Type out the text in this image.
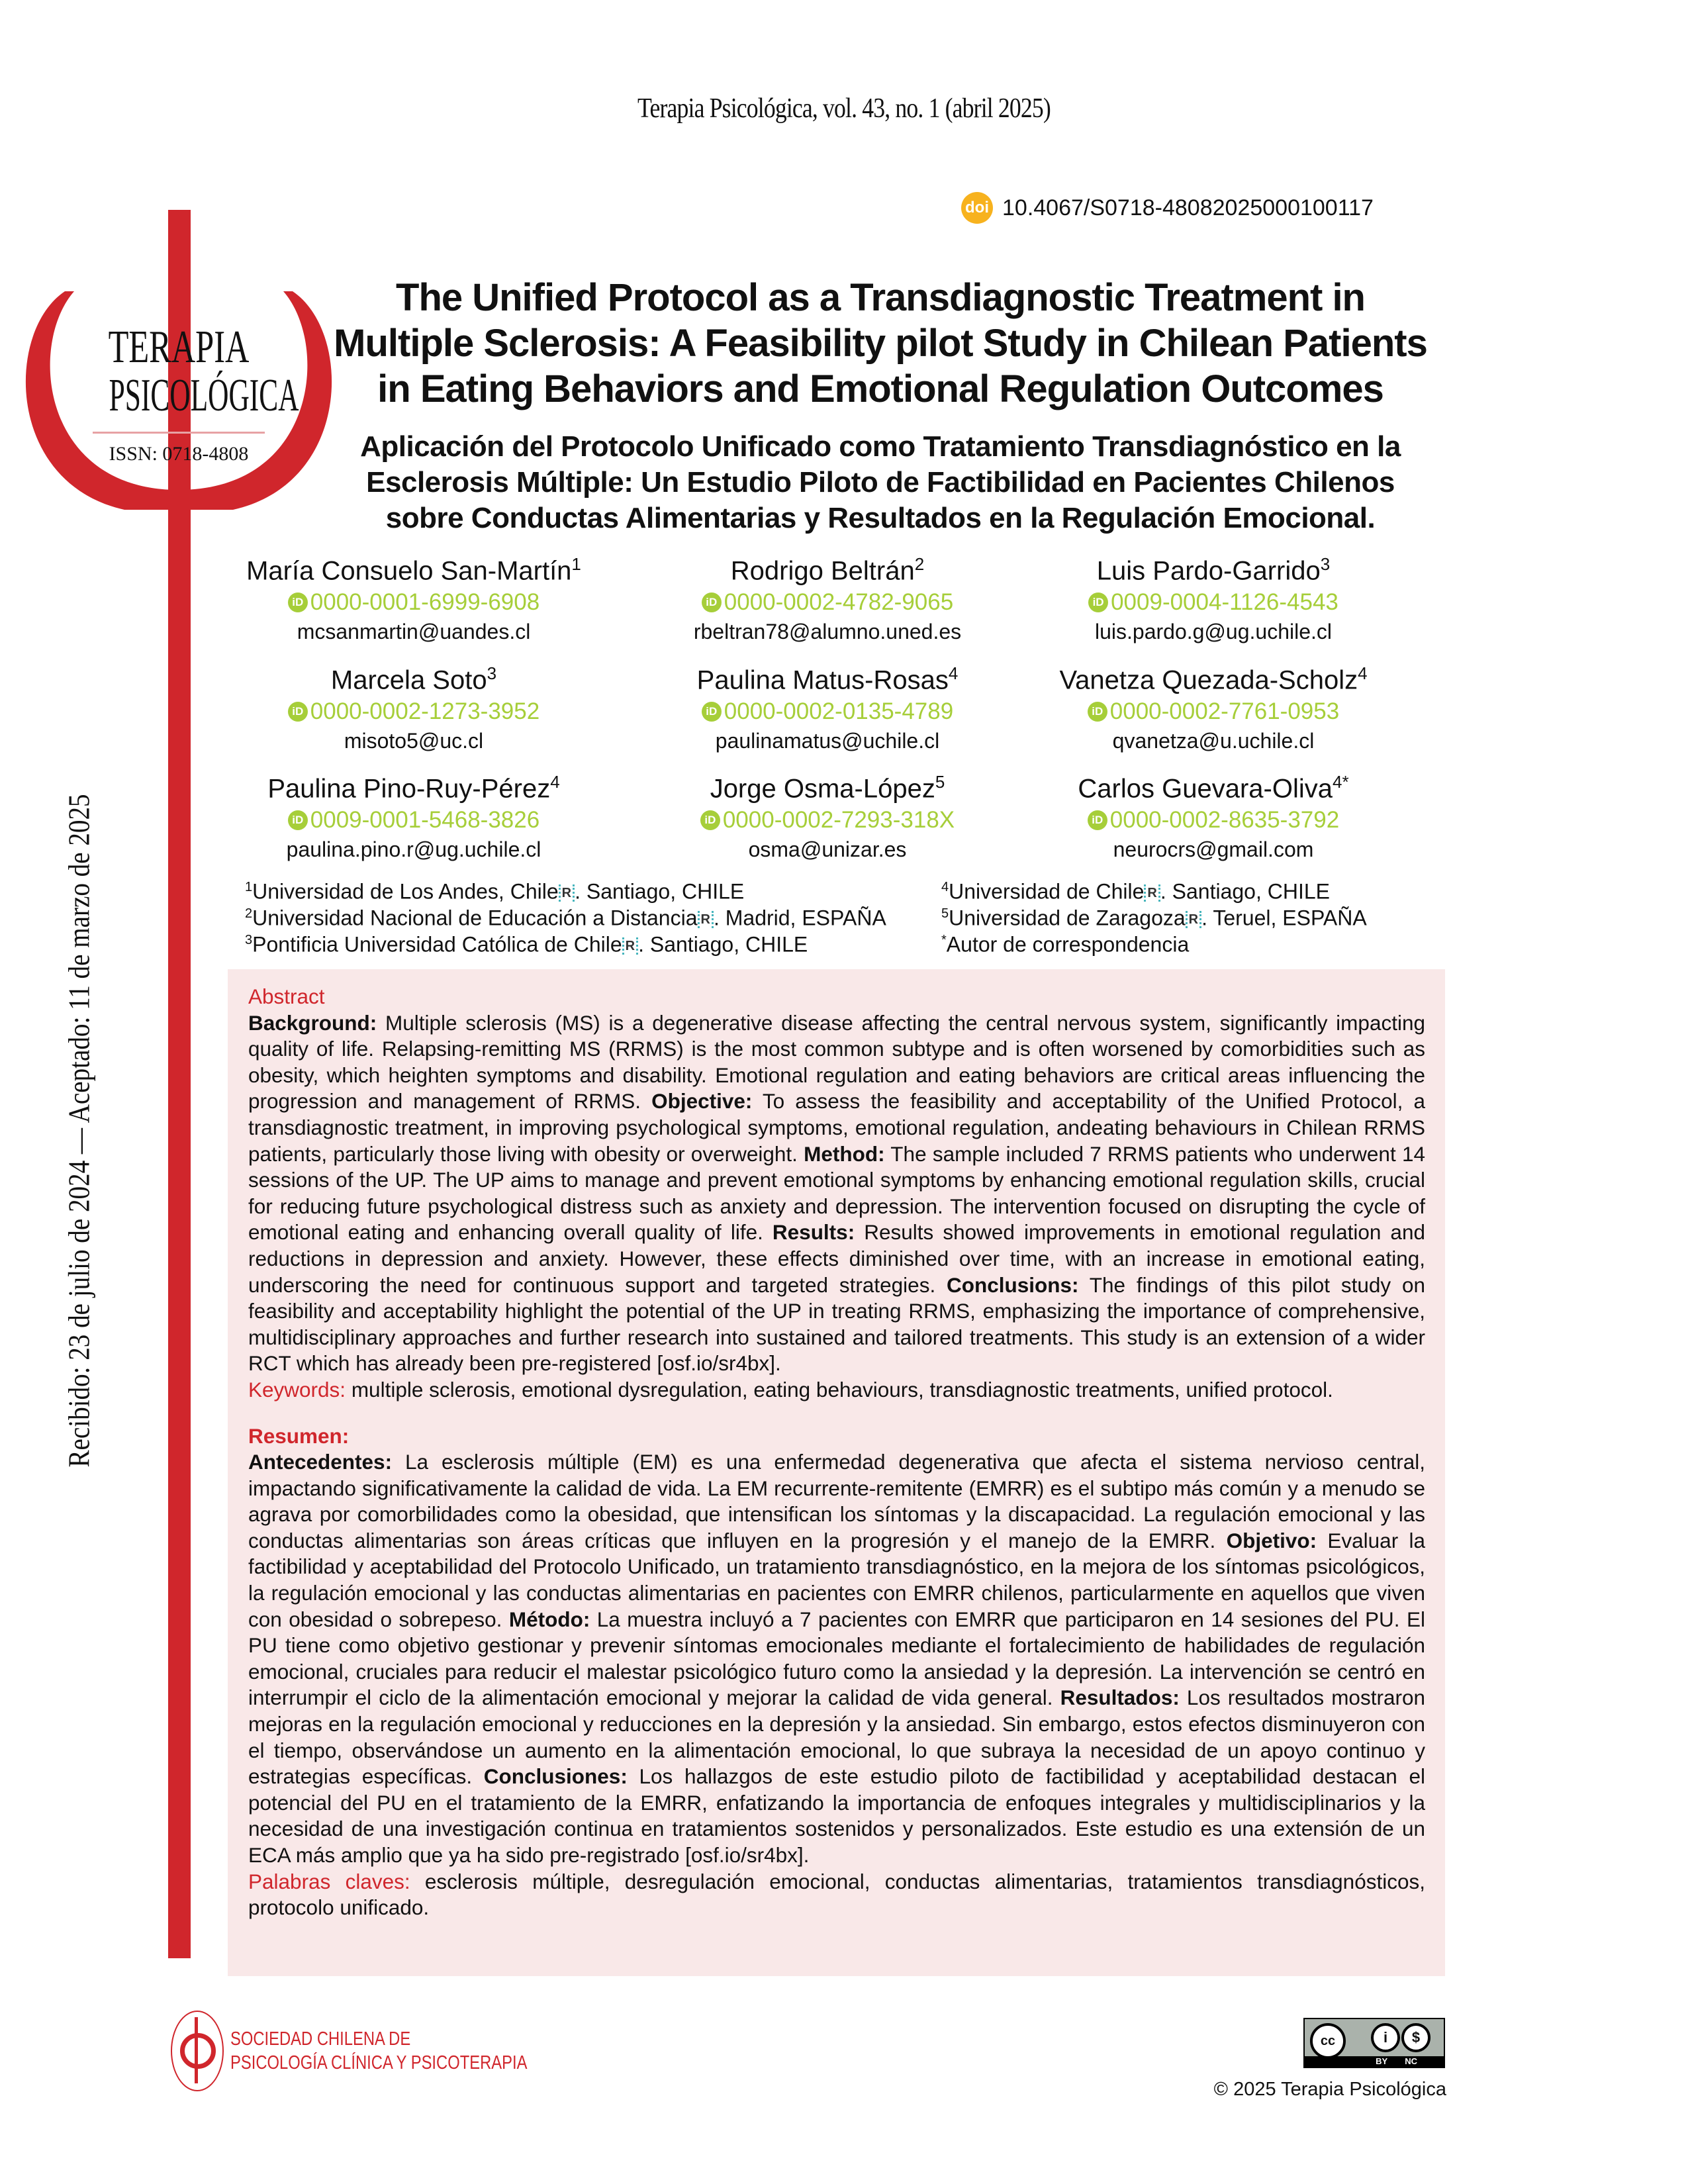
Terapia Psicológica, vol. 43, no. 1 (abril 2025)
doi 10.4067/S0718-48082025000100117
TERAPIA
PSICOLÓGICA
ISSN: 0718-4808
The Unified Protocol as a Transdiagnostic Treatment in
Multiple Sclerosis: A Feasibility pilot Study in Chilean Patients
in Eating Behaviors and Emotional Regulation Outcomes
Aplicación del Protocolo Unificado como Tratamiento Transdiagnóstico en la
Esclerosis Múltiple: Un Estudio Piloto de Factibilidad en Pacientes Chilenos
sobre Conductas Alimentarias y Resultados en la Regulación Emocional.
María Consuelo San-Martín$^1$
iD 0000-0001-6999-6908
mcsanmartin@uandes.cl
Rodrigo Beltrán$^2$
iD 0000-0002-4782-9065
rbeltran78@alumno.uned.es
Luis Pardo-Garrido$^3$
iD 0009-0004-1126-4543
luis.pardo.g@ug.uchile.cl
Marcela Soto$^3$
iD 0000-0002-1273-3952
misoto5@uc.cl
Paulina Matus-Rosas$^4$
iD 0000-0002-0135-4789
paulinamatus@uchile.cl
Vanetza Quezada-Scholz$^4$
iD 0000-0002-7761-0953
qvanetza@u.uchile.cl
Paulina Pino-Ruy-Pérez$^4$
iD 0009-0001-5468-3826
paulina.pino.r@ug.uchile.cl
Jorge Osma-López$^5$
iD 0000-0002-7293-318X
osma@unizar.es
Carlos Guevara-Oliva$^{4*}$
iD 0000-0002-8635-3792
neurocrs@gmail.com
$^1$Universidad de Los Andes, Chile R . Santiago, CHILE
$^2$Universidad Nacional de Educación a Distancia R . Madrid, ESPAÑA
$^3$Pontificia Universidad Católica de Chile R . Santiago, CHILE
$^4$Universidad de Chile R . Santiago, CHILE
$^5$Universidad de Zaragoza R . Teruel, ESPAÑA
*Autor de correspondencia
Abstract
Background: Multiple sclerosis (MS) is a degenerative disease affecting the central nervous system, significantly impacting quality of life. Relapsing-remitting MS (RRMS) is the most common subtype and is often worsened by comorbidities such as obesity, which heighten symptoms and disability. Emotional regulation and eating behaviors are critical areas influencing the progression and management of RRMS. Objective: To assess the feasibility and acceptability of the Unified Protocol, a transdiagnostic treatment, in improving psychological symptoms, emotional regulation, andeating behaviours in Chilean RRMS patients, particularly those living with obesity or overweight. Method: The sample included 7 RRMS patients who underwent 14 sessions of the UP. The UP aims to manage and prevent emotional symptoms by enhancing emotional regulation skills, crucial for reducing future psychological distress such as anxiety and depression. The intervention focused on disrupting the cycle of emotional eating and enhancing overall quality of life. Results: Results showed improvements in emotional regulation and reductions in depression and anxiety. However, these effects diminished over time, with an increase in emotional eating, underscoring the need for continuous support and targeted strategies. Conclusions: The findings of this pilot study on feasibility and acceptability highlight the potential of the UP in treating RRMS, emphasizing the importance of comprehensive, multidisciplinary approaches and further research into sustained and tailored treatments. This study is an extension of a wider RCT which has already been pre-registered [osf.io/sr4bx].
Keywords: multiple sclerosis, emotional dysregulation, eating behaviours, transdiagnostic treatments, unified protocol.
Resumen:
Antecedentes: La esclerosis múltiple (EM) es una enfermedad degenerativa que afecta el sistema nervioso central, impactando significativamente la calidad de vida. La EM recurrente-remitente (EMRR) es el subtipo más común y a menudo se agrava por comorbilidades como la obesidad, que intensifican los síntomas y la discapacidad. La regulación emocional y las conductas alimentarias son áreas críticas que influyen en la progresión y el manejo de la EMRR. Objetivo: Evaluar la factibilidad y aceptabilidad del Protocolo Unificado, un tratamiento transdiagnóstico, en la mejora de los síntomas psicológicos, la regulación emocional y las conductas alimentarias en pacientes con EMRR chilenos, particularmente en aquellos que viven con obesidad o sobrepeso. Método: La muestra incluyó a 7 pacientes con EMRR que participaron en 14 sesiones del PU. El PU tiene como objetivo gestionar y prevenir síntomas emocionales mediante el fortalecimiento de habilidades de regulación emocional, cruciales para reducir el malestar psicológico futuro como la ansiedad y la depresión. La intervención se centró en interrumpir el ciclo de la alimentación emocional y mejorar la calidad de vida general. Resultados: Los resultados mostraron mejoras en la regulación emocional y reducciones en la depresión y la ansiedad. Sin embargo, estos efectos disminuyeron con el tiempo, observándose un aumento en la alimentación emocional, lo que subraya la necesidad de un apoyo continuo y estrategias específicas. Conclusiones: Los hallazgos de este estudio piloto de factibilidad y aceptabilidad destacan el potencial del PU en el tratamiento de la EMRR, enfatizando la importancia de enfoques integrales y multidisciplinarios y la necesidad de una investigación continua en tratamientos sostenidos y personalizados. Este estudio es una extensión de un ECA más amplio que ya ha sido pre-registrado [osf.io/sr4bx].
Palabras claves: esclerosis múltiple, desregulación emocional, conductas alimentarias, tratamientos transdiagnósticos, protocolo unificado.
Recibido: 23 de julio de 2024 — Aceptado: 11 de marzo de 2025
SOCIEDAD CHILENA DE
PSICOLOGÍA CLÍNICA Y PSICOTERAPIA
cc	i	$
BY NC
© 2025 Terapia Psicológica
